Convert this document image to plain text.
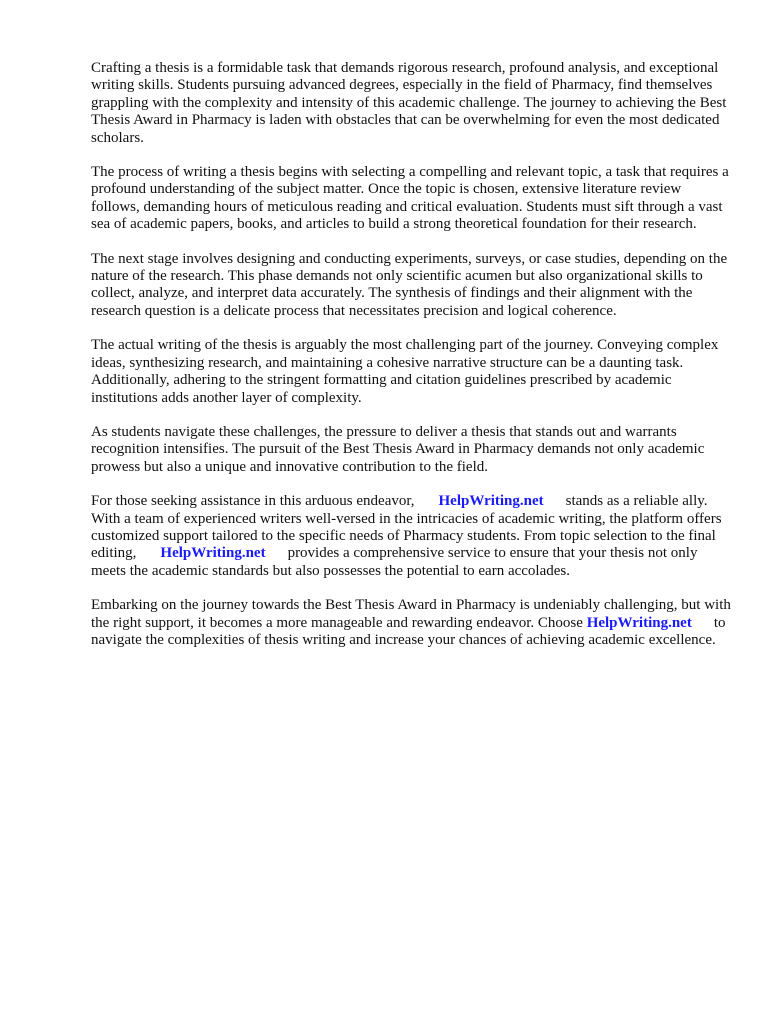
Crafting a thesis is a formidable task that demands rigorous research, profound analysis, and exceptional writing skills. Students pursuing advanced degrees, especially in the field of Pharmacy, find themselves grappling with the complexity and intensity of this academic challenge. The journey to achieving the Best Thesis Award in Pharmacy is laden with obstacles that can be overwhelming for even the most dedicated scholars.

The process of writing a thesis begins with selecting a compelling and relevant topic, a task that requires a profound understanding of the subject matter. Once the topic is chosen, extensive literature review follows, demanding hours of meticulous reading and critical evaluation. Students must sift through a vast sea of academic papers, books, and articles to build a strong theoretical foundation for their research.

The next stage involves designing and conducting experiments, surveys, or case studies, depending on the nature of the research. This phase demands not only scientific acumen but also organizational skills to collect, analyze, and interpret data accurately. The synthesis of findings and their alignment with the research question is a delicate process that necessitates precision and logical coherence.

The actual writing of the thesis is arguably the most challenging part of the journey. Conveying complex ideas, synthesizing research, and maintaining a cohesive narrative structure can be a daunting task. Additionally, adhering to the stringent formatting and citation guidelines prescribed by academic institutions adds another layer of complexity.

As students navigate these challenges, the pressure to deliver a thesis that stands out and warrants recognition intensifies. The pursuit of the Best Thesis Award in Pharmacy demands not only academic prowess but also a unique and innovative contribution to the field.

For those seeking assistance in this arduous endeavor, HelpWriting.net stands as a reliable ally. With a team of experienced writers well-versed in the intricacies of academic writing, the platform offers customized support tailored to the specific needs of Pharmacy students. From topic selection to the final editing, HelpWriting.net provides a comprehensive service to ensure that your thesis not only meets the academic standards but also possesses the potential to earn accolades.

Embarking on the journey towards the Best Thesis Award in Pharmacy is undeniably challenging, but with the right support, it becomes a more manageable and rewarding endeavor. Choose HelpWriting.net to navigate the complexities of thesis writing and increase your chances of achieving academic excellence.
